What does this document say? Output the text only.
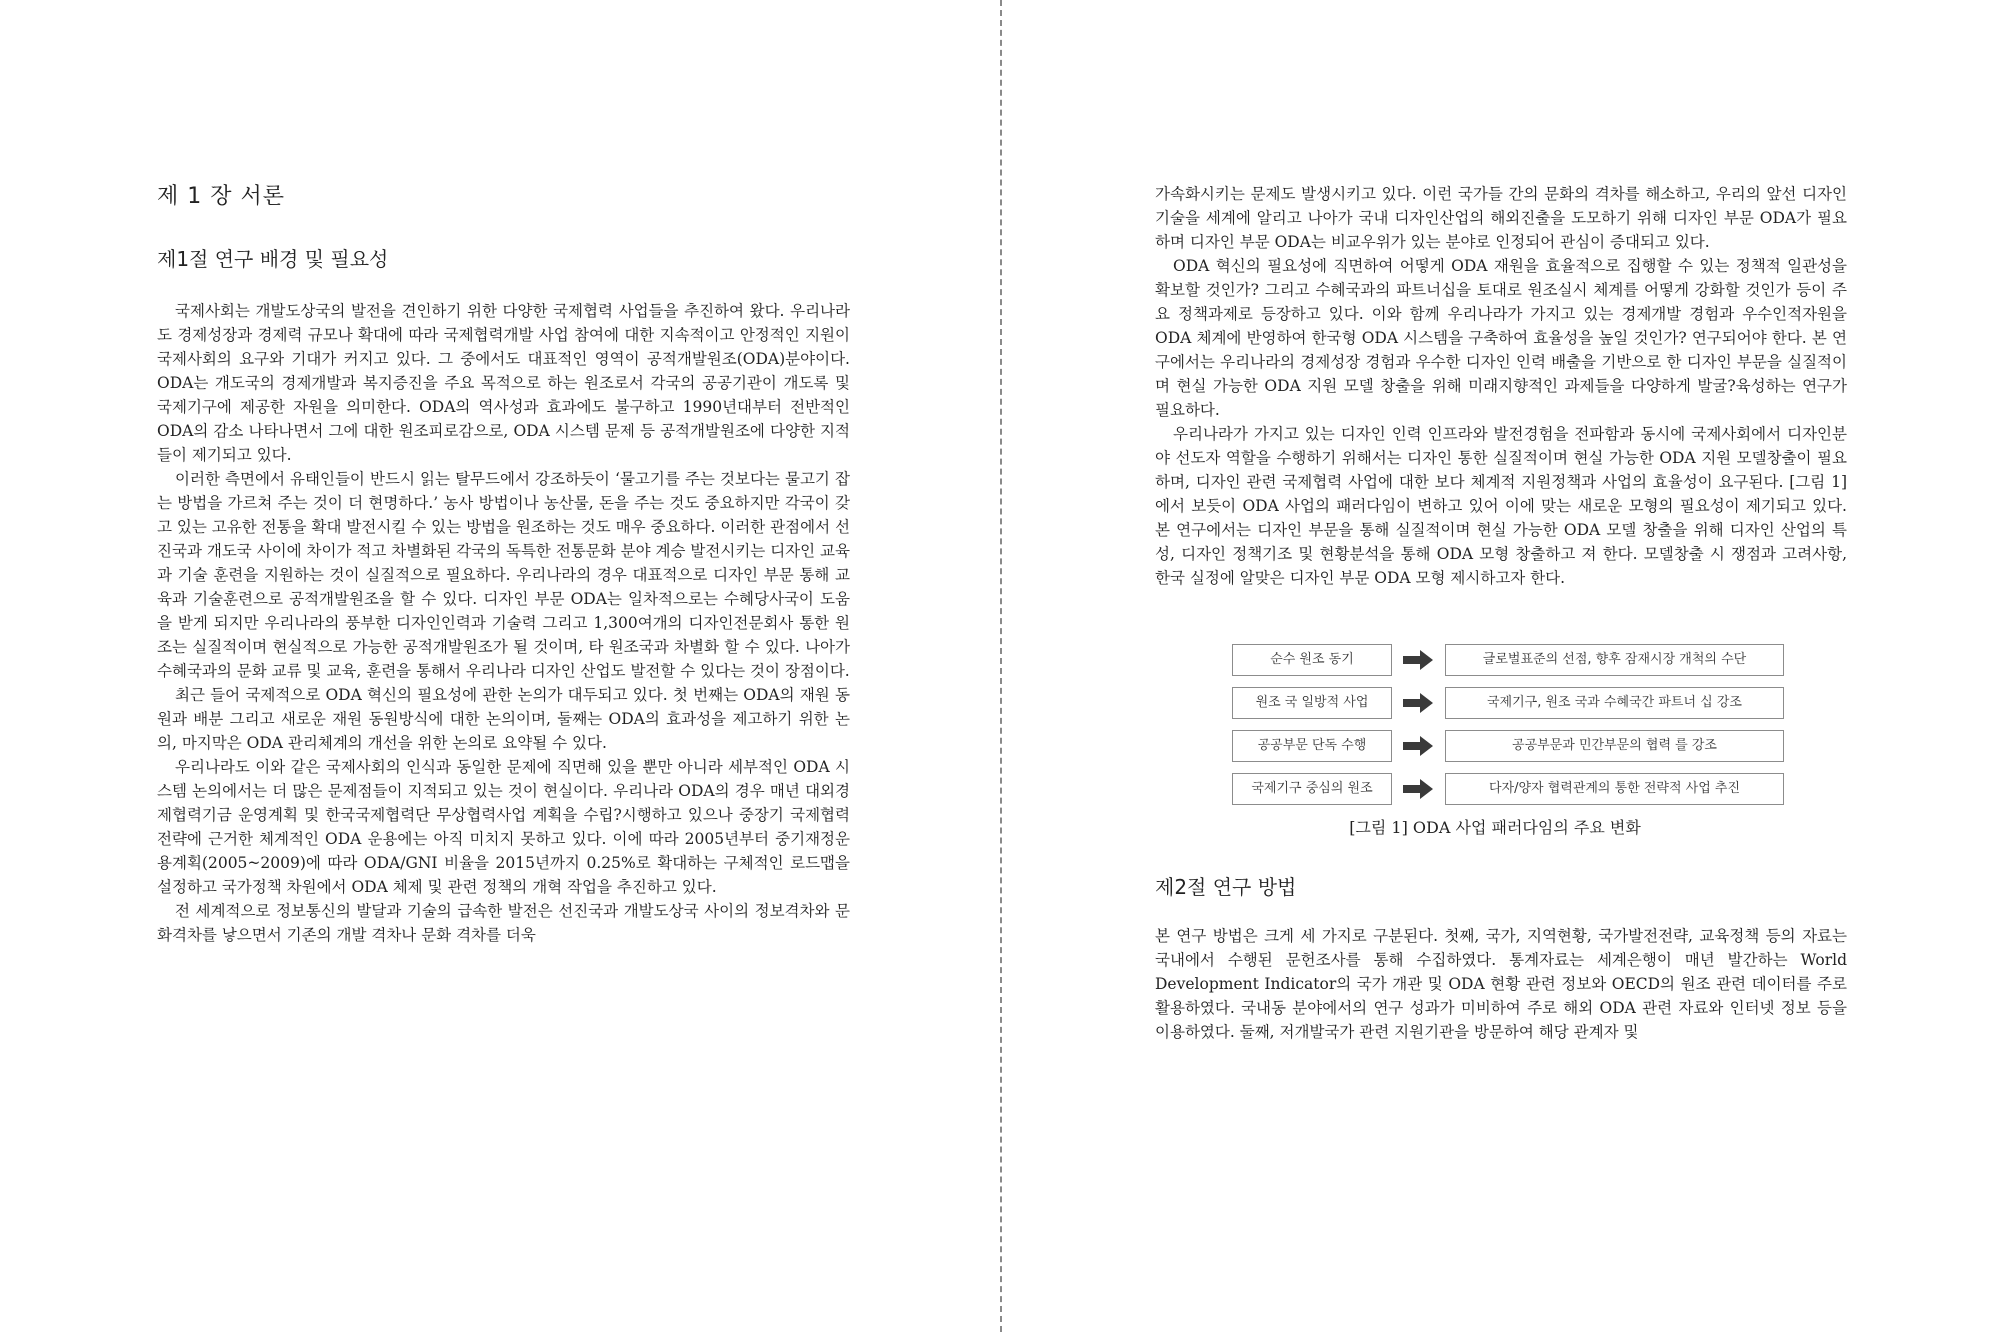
제 1 장 서론
제1절 연구 배경 및 필요성

국제사회는 개발도상국의 발전을 견인하기 위한 다양한 국제협력 사업들을 추진하여 왔다. 우리나라도 경제성장과 경제력 규모나 확대에 따라 국제협력개발 사업 참여에 대한 지속적이고 안정적인 지원이 국제사회의 요구와 기대가 커지고 있다. 그 중에서도 대표적인 영역이 공적개발원조(ODA)분야이다. ODA는 개도국의 경제개발과 복지증진을 주요 목적으로 하는 원조로서 각국의 공공기관이 개도록 및 국제기구에 제공한 자원을 의미한다. ODA의 역사성과 효과에도 불구하고 1990년대부터 전반적인 ODA의 감소 나타나면서 그에 대한 원조피로감으로, ODA 시스템 문제 등 공적개발원조에 다양한 지적들이 제기되고 있다.

이러한 측면에서 유태인들이 반드시 읽는 탈무드에서 강조하듯이 ‘물고기를 주는 것보다는 물고기 잡는 방법을 가르쳐 주는 것이 더 현명하다.’ 농사 방법이나 농산물, 돈을 주는 것도 중요하지만 각국이 갖고 있는 고유한 전통을 확대 발전시킬 수 있는 방법을 원조하는 것도 매우 중요하다. 이러한 관점에서 선진국과 개도국 사이에 차이가 적고 차별화된 각국의 독특한 전통문화 분야 계승 발전시키는 디자인 교육과 기술 훈련을 지원하는 것이 실질적으로 필요하다. 우리나라의 경우 대표적으로 디자인 부문 통해 교육과 기술훈련으로 공적개발원조을 할 수 있다. 디자인 부문 ODA는 일차적으로는 수혜당사국이 도움을 받게 되지만 우리나라의 풍부한 디자인인력과 기술력 그리고 1,300여개의 디자인전문회사 통한 원조는 실질적이며 현실적으로 가능한 공적개발원조가 될 것이며, 타 원조국과 차별화 할 수 있다. 나아가 수혜국과의 문화 교류 및 교육, 훈련을 통해서 우리나라 디자인 산업도 발전할 수 있다는 것이 장점이다.

최근 들어 국제적으로 ODA 혁신의 필요성에 관한 논의가 대두되고 있다. 첫 번째는 ODA의 재원 동원과 배분 그리고 새로운 재원 동원방식에 대한 논의이며, 둘째는 ODA의 효과성을 제고하기 위한 논의, 마지막은 ODA 관리체계의 개선을 위한 논의로 요약될 수 있다.

우리나라도 이와 같은 국제사회의 인식과 동일한 문제에 직면해 있을 뿐만 아니라 세부적인 ODA 시스템 논의에서는 더 많은 문제점들이 지적되고 있는 것이 현실이다. 우리나라 ODA의 경우 매년 대외경제협력기금 운영계획 및 한국국제협력단 무상협력사업 계획을 수립?시행하고 있으나 중장기 국제협력 전략에 근거한 체계적인 ODA 운용에는 아직 미치지 못하고 있다. 이에 따라 2005년부터 중기재정운용계획(2005~2009)에 따라 ODA/GNI 비율을 2015년까지 0.25%로 확대하는 구체적인 로드맵을 설정하고 국가정책 차원에서 ODA 체제 및 관련 정책의 개혁 작업을 추진하고 있다.

전 세계적으로 정보통신의 발달과 기술의 급속한 발전은 선진국과 개발도상국 사이의 정보격차와 문화격차를 낳으면서 기존의 개발 격차나 문화 격차를 더욱

가속화시키는 문제도 발생시키고 있다. 이런 국가들 간의 문화의 격차를 해소하고, 우리의 앞선 디자인 기술을 세계에 알리고 나아가 국내 디자인산업의 해외진출을 도모하기 위해 디자인 부문 ODA가 필요하며 디자인 부문 ODA는 비교우위가 있는 분야로 인정되어 관심이 증대되고 있다.

ODA 혁신의 필요성에 직면하여 어떻게 ODA 재원을 효율적으로 집행할 수 있는 정책적 일관성을 확보할 것인가? 그리고 수혜국과의 파트너십을 토대로 원조실시 체계를 어떻게 강화할 것인가 등이 주요 정책과제로 등장하고 있다. 이와 함께 우리나라가 가지고 있는 경제개발 경험과 우수인적자원을 ODA 체계에 반영하여 한국형 ODA 시스템을 구축하여 효율성을 높일 것인가? 연구되어야 한다. 본 연구에서는 우리나라의 경제성장 경험과 우수한 디자인 인력 배출을 기반으로 한 디자인 부문을 실질적이며 현실 가능한 ODA 지원 모델 창출을 위해 미래지향적인 과제들을 다양하게 발굴?육성하는 연구가 필요하다.

우리나라가 가지고 있는 디자인 인력 인프라와 발전경험을 전파함과 동시에 국제사회에서 디자인분야 선도자 역할을 수행하기 위해서는 디자인 통한 실질적이며 현실 가능한 ODA 지원 모델창출이 필요하며, 디자인 관련 국제협력 사업에 대한 보다 체계적 지원정책과 사업의 효율성이 요구된다. [그림 1]에서 보듯이 ODA 사업의 패러다임이 변하고 있어 이에 맞는 새로운 모형의 필요성이 제기되고 있다. 본 연구에서는 디자인 부문을 통해 실질적이며 현실 가능한 ODA 모델 창출을 위해 디자인 산업의 특성, 디자인 정책기조 및 현황분석을 통해 ODA 모형 창출하고 져 한다. 모델창출 시 쟁점과 고려사항, 한국 실정에 알맞은 디자인 부문 ODA 모형 제시하고자 한다.

순수 원조 동기	글로벌표준의 선점, 향후 잠재시장 개척의 수단
원조 국 일방적 사업	국제기구, 원조 국과 수혜국간 파트너 십 강조
공공부문 단독 수행	공공부문과 민간부문의 협력 를 강조
국제기구 중심의 원조	다자/양자 협력관계의 통한 전략적 사업 추진

[그림 1] ODA 사업 패러다임의 주요 변화

제2절 연구 방법

본 연구 방법은 크게 세 가지로 구분된다. 첫째, 국가, 지역현황, 국가발전전략, 교육정책 등의 자료는 국내에서 수행된 문헌조사를 통해 수집하였다. 통계자료는 세계은행이 매년 발간하는 World Development Indicator의 국가 개관 및 ODA 현황 관련 정보와 OECD의 원조 관련 데이터를 주로 활용하였다. 국내동 분야에서의 연구 성과가 미비하여 주로 해외 ODA 관련 자료와 인터넷 정보 등을 이용하였다. 둘째, 저개발국가 관련 지원기관을 방문하여 해당 관계자 및
